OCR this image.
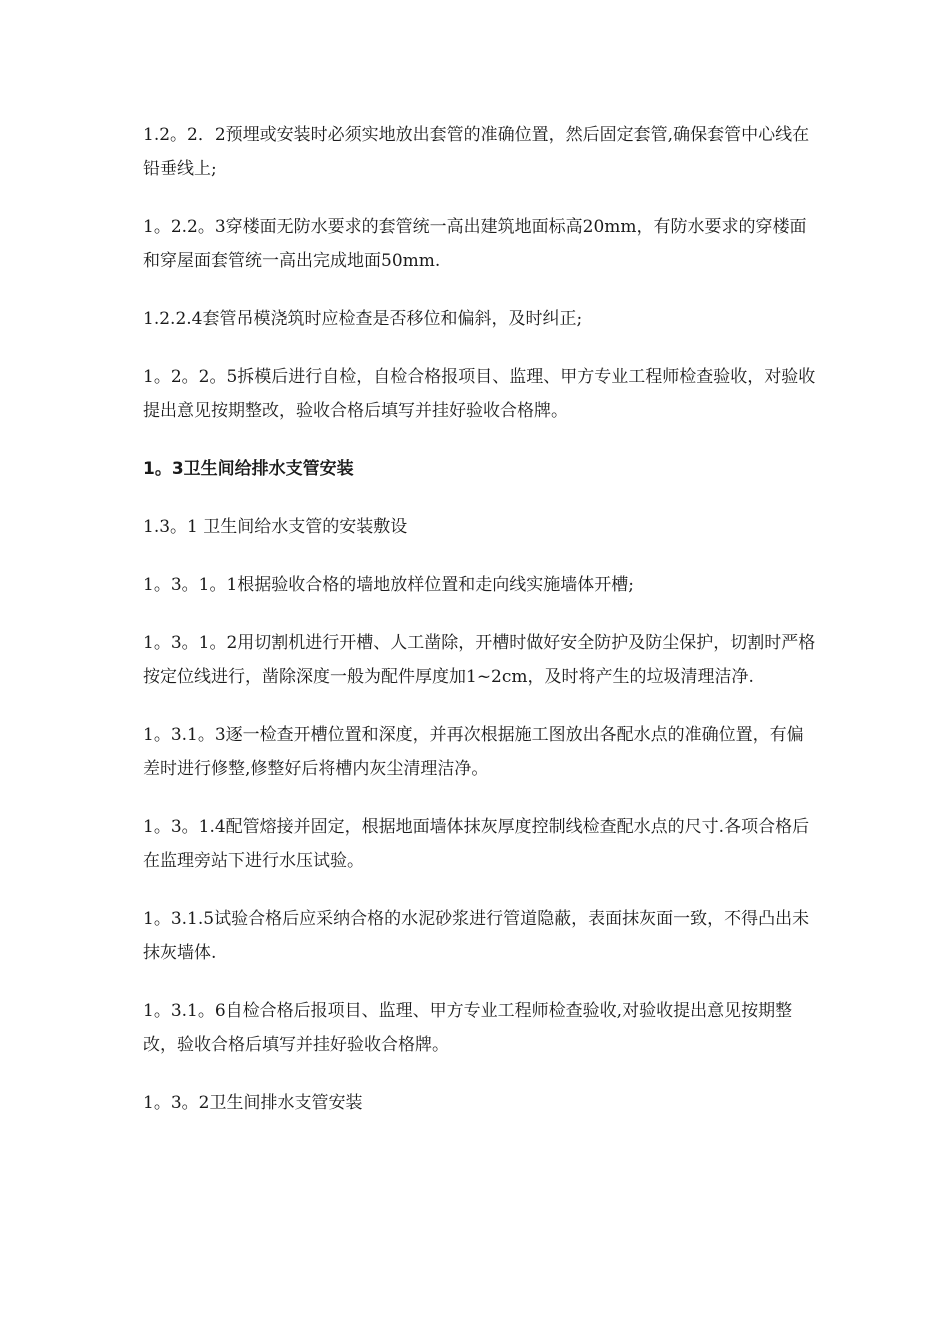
1.2。2．2预埋或安装时必须实地放出套管的准确位置，然后固定套管,确保套管中心线在铅垂线上;

1。2.2。3穿楼面无防水要求的套管统一高出建筑地面标高20mm，有防水要求的穿楼面和穿屋面套管统一高出完成地面50mm.

1.2.2.4套管吊模浇筑时应检查是否移位和偏斜，及时纠正;

1。2。2。5拆模后进行自检，自检合格报项目、监理、甲方专业工程师检查验收，对验收提出意见按期整改，验收合格后填写并挂好验收合格牌。

1。3卫生间给排水支管安装

1.3。1 卫生间给水支管的安装敷设

1。3。1。1根据验收合格的墙地放样位置和走向线实施墙体开槽;

1。3。1。2用切割机进行开槽、人工凿除，开槽时做好安全防护及防尘保护，切割时严格按定位线进行，凿除深度一般为配件厚度加1~2cm，及时将产生的垃圾清理洁净.

1。3.1。3逐一检查开槽位置和深度，并再次根据施工图放出各配水点的准确位置，有偏差时进行修整,修整好后将槽内灰尘清理洁净。

1。3。1.4配管熔接并固定，根据地面墙体抹灰厚度控制线检查配水点的尺寸.各项合格后在监理旁站下进行水压试验。

1。3.1.5试验合格后应采纳合格的水泥砂浆进行管道隐蔽，表面抹灰面一致，不得凸出未抹灰墙体.

1。3.1。6自检合格后报项目、监理、甲方专业工程师检查验收,对验收提出意见按期整改，验收合格后填写并挂好验收合格牌。

1。3。2卫生间排水支管安装
